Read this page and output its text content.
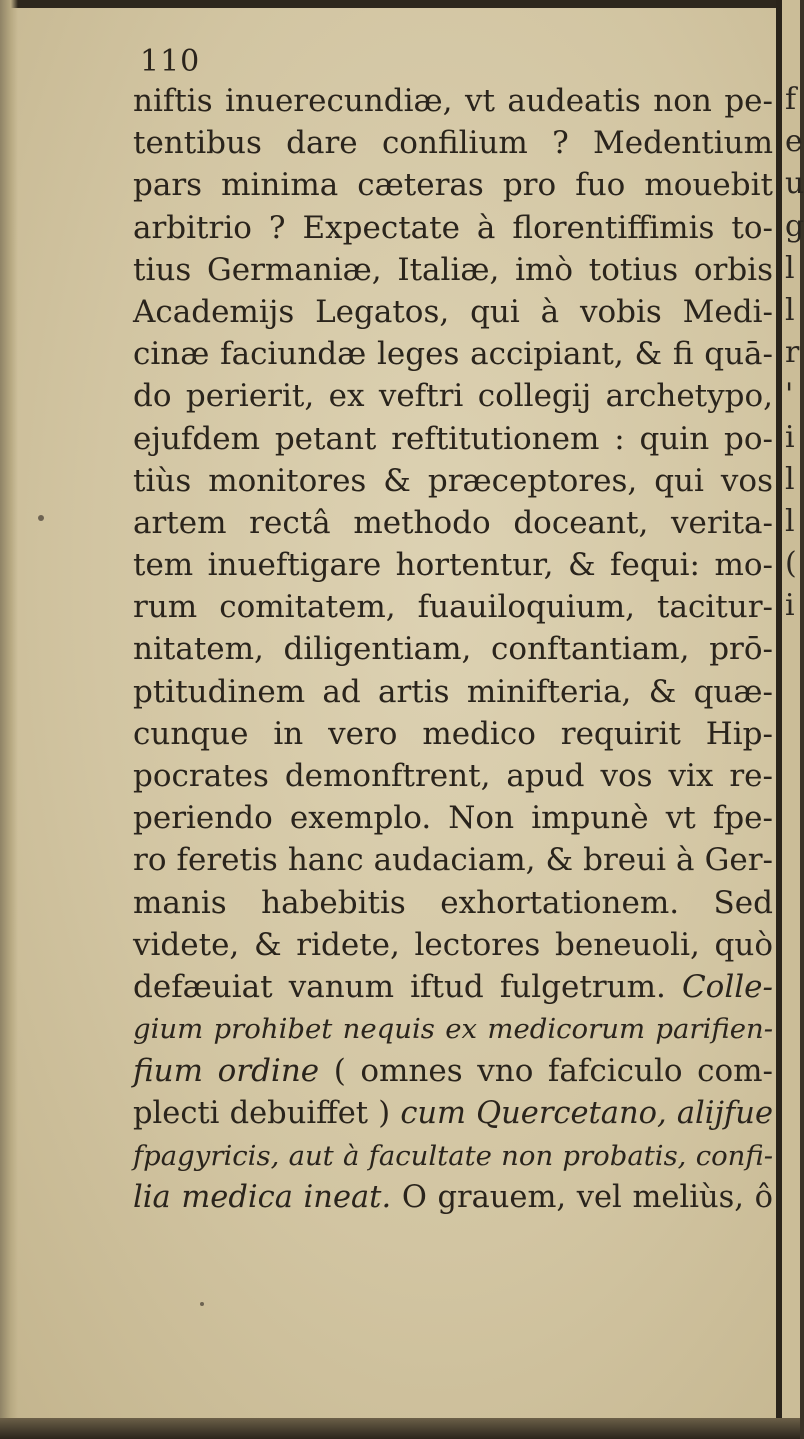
110
niftis inuerecundiæ, vt audeatis non pe-
tentibus dare confilium ? Medentium
pars minima cæteras pro fuo mouebit
arbitrio ? Expectate à florentiffimis to-
tius Germaniæ, Italiæ, imò totius orbis
Academijs Legatos, qui à vobis Medi-
cinæ faciundæ leges accipiant, & fi quā-
do perierit, ex veftri collegij archetypo,
ejufdem petant reftitutionem : quin po-
tiùs monitores & præceptores, qui vos
artem rectâ methodo doceant, verita-
tem inueftigare hortentur, & fequi: mo-
rum comitatem, fuauiloquium, tacitur-
nitatem, diligentiam, conftantiam, prō-
ptitudinem ad artis minifteria, & quæ-
cunque in vero medico requirit Hip-
pocrates demonftrent, apud vos vix re-
periendo exemplo. Non impunè vt fpe-
ro feretis hanc audaciam, & breui à Ger-
manis habebitis exhortationem. Sed
videte, & ridete, lectores beneuoli, quò
defæuiat vanum iftud fulgetrum. Colle-
gium prohibet nequis ex medicorum parifien-
fium ordine ( omnes vno fafciculo com-
plecti debuiffet ) cum Quercetano, alijfue
fpagyricis, aut à facultate non probatis, confi-
lia medica ineat. O grauem, vel meliùs, ô
f
e
u
g
l
l
r
'
i
l
l
(
i
